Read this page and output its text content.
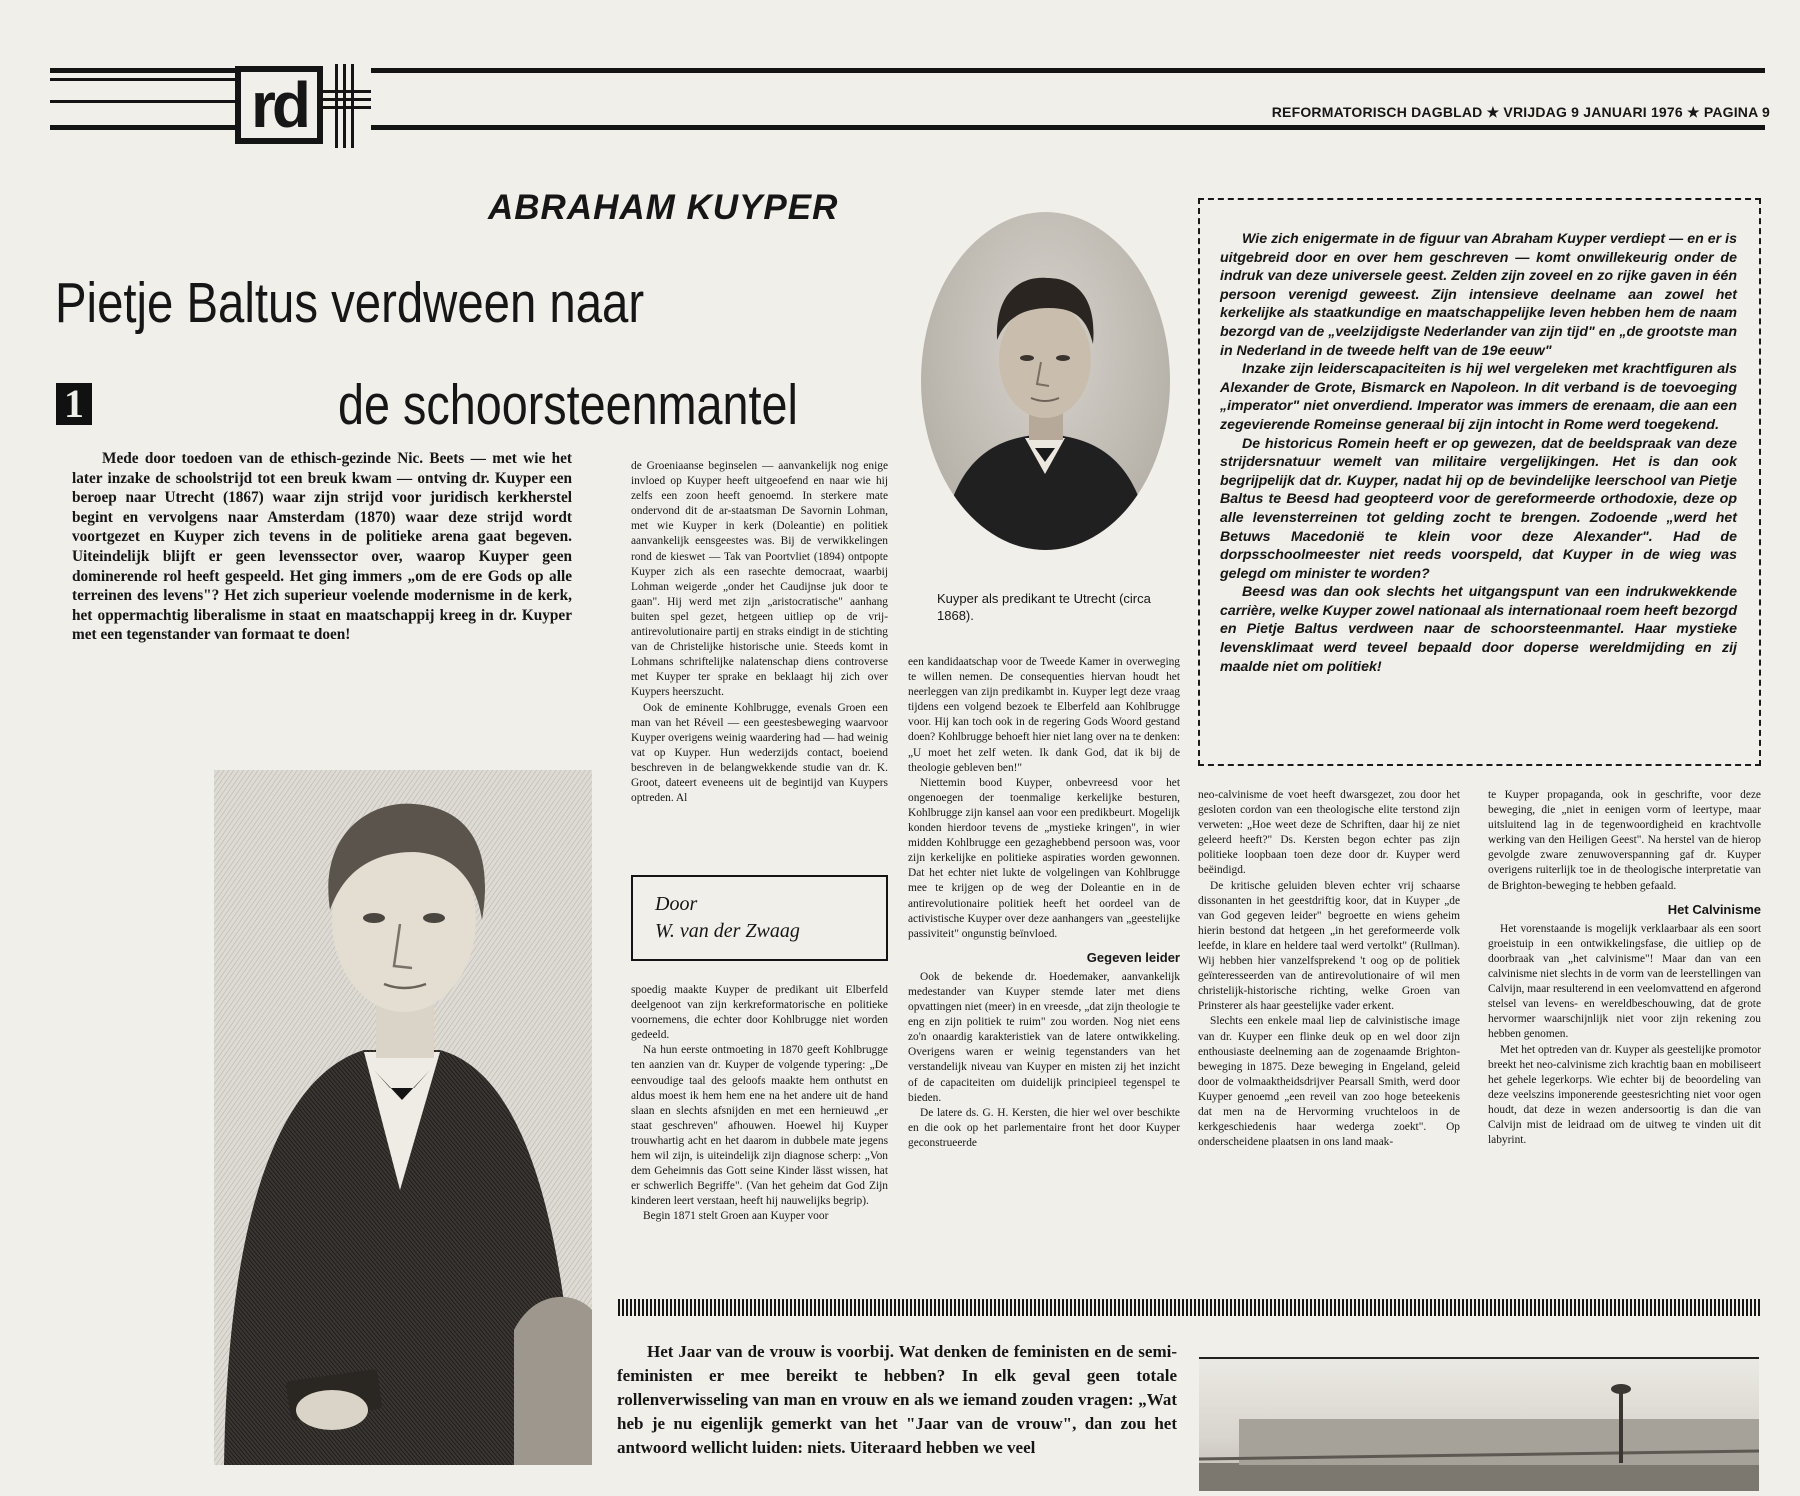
rd	REFORMATORISCH DAGBLAD ★ VRIJDAG 9 JANUARI 1976 ★ PAGINA 9
ABRAHAM KUYPER
Pietje Baltus verdween naar
1	de schoorsteenmantel
Mede door toedoen van de ethisch-gezinde Nic. Beets — met wie het later inzake de schoolstrijd tot een breuk kwam — ontving dr. Kuyper een beroep naar Utrecht (1867) waar zijn strijd voor juridisch kerkherstel begint en vervolgens naar Amsterdam (1870) waar deze strijd wordt voortgezet en Kuyper zich tevens in de politieke arena gaat begeven. Uiteindelijk blijft er geen levenssector over, waarop Kuyper geen dominerende rol heeft gespeeld. Het ging immers „om de ere Gods op alle terreinen des levens"? Het zich superieur voelende modernisme in de kerk, het oppermachtig liberalisme in staat en maatschappij kreeg in dr. Kuyper met een tegenstander van formaat te doen!

de Groeniaanse beginselen — aanvankelijk nog enige invloed op Kuyper heeft uitgeoefend en naar wie hij zelfs een zoon heeft genoemd. In sterkere mate ondervond dit de ar-staatsman De Savornin Lohman, met wie Kuyper in kerk (Doleantie) en politiek aanvankelijk eensgeestes was. Bij de verwikkelingen rond de kieswet — Tak van Poortvliet (1894) ontpopte Kuyper zich als een rasechte democraat, waarbij Lohman weigerde „onder het Caudijnse juk door te gaan". Hij werd met zijn „aristocratische" aanhang buiten spel gezet, hetgeen uitliep op de vrij-antirevolutionaire partij en straks eindigt in de stichting van de Christelijke historische unie. Steeds komt in Lohmans schriftelijke nalatenschap diens controverse met Kuyper ter sprake en beklaagt hij zich over Kuypers heerszucht.

Ook de eminente Kohlbrugge, evenals Groen een man van het Réveil — een geestesbeweging waarvoor Kuyper overigens weinig waardering had — had weinig vat op Kuyper. Hun wederzijds contact, boeiend beschreven in de belangwekkende studie van dr. K. Groot, dateert eveneens uit de begintijd van Kuypers optreden. Al

Door
W. van der Zwaag

spoedig maakte Kuyper de predikant uit Elberfeld deelgenoot van zijn kerkreformatorische en politieke voornemens, die echter door Kohlbrugge niet worden gedeeld.

Na hun eerste ontmoeting in 1870 geeft Kohlbrugge ten aanzien van dr. Kuyper de volgende typering: „De eenvoudige taal des geloofs maakte hem onthutst en aldus moest ik hem hem ene na het andere uit de hand slaan en slechts afsnijden en met een hernieuwd „er staat geschreven" afhouwen. Hoewel hij Kuyper trouwhartig acht en het daarom in dubbele mate jegens hem wil zijn, is uiteindelijk zijn diagnose scherp: „Von dem Geheimnis das Gott seine Kinder lässt wissen, hat er schwerlich Begriffe". (Van het geheim dat God Zijn kinderen leert verstaan, heeft hij nauwelijks begrip).

Begin 1871 stelt Groen aan Kuyper voor

Kuyper als predikant te Utrecht (circa 1868).

een kandidaatschap voor de Tweede Kamer in overweging te willen nemen. De consequenties hiervan houdt het neerleggen van zijn predikambt in. Kuyper legt deze vraag tijdens een volgend bezoek te Elberfeld aan Kohlbrugge voor. Hij kan toch ook in de regering Gods Woord gestand doen? Kohlbrugge behoeft hier niet lang over na te denken: „U moet het zelf weten. Ik dank God, dat ik bij de theologie gebleven ben!"

Niettemin bood Kuyper, onbevreesd voor het ongenoegen der toenmalige kerkelijke besturen, Kohlbrugge zijn kansel aan voor een predikbeurt. Mogelijk konden hierdoor tevens de „mystieke kringen", in wier midden Kohlbrugge een gezaghebbend persoon was, voor zijn kerkelijke en politieke aspiraties worden gewonnen. Dat het echter niet lukte de volgelingen van Kohlbrugge mee te krijgen op de weg der Doleantie en in de antirevolutionaire politiek heeft het oordeel van de activistische Kuyper over deze aanhangers van „geestelijke passiviteit" ongunstig beïnvloed.

Gegeven leider

Ook de bekende dr. Hoedemaker, aanvankelijk medestander van Kuyper stemde later met diens opvattingen niet (meer) in en vreesde, „dat zijn theologie te eng en zijn politiek te ruim" zou worden. Nog niet eens zo'n onaardig karakteristiek van de latere ontwikkeling. Overigens waren er weinig tegenstanders van het verstandelijk niveau van Kuyper en misten zij het inzicht of de capaciteiten om duidelijk principieel tegenspel te bieden.

De latere ds. G. H. Kersten, die hier wel over beschikte en die ook op het parlementaire front het door Kuyper geconstrueerde

neo-calvinisme de voet heeft dwarsgezet, zou door het gesloten cordon van een theologische elite terstond zijn verweten: „Hoe weet deze de Schriften, daar hij ze niet geleerd heeft?" Ds. Kersten begon echter pas zijn politieke loopbaan toen deze door dr. Kuyper werd beëindigd.

De kritische geluiden bleven echter vrij schaarse dissonanten in het geestdriftig koor, dat in Kuyper „de van God gegeven leider" begroette en wiens geheim hierin bestond dat hetgeen „in het gereformeerde volk leefde, in klare en heldere taal werd vertolkt" (Rullman). Wij hebben hier vanzelfsprekend 't oog op de politiek geïnteresseerden van de antirevolutionaire of wil men christelijk-historische richting, welke Groen van Prinsterer als haar geestelijke vader erkent.

Slechts een enkele maal liep de calvinistische image van dr. Kuyper een flinke deuk op en wel door zijn enthousiaste deelneming aan de zogenaamde Brighton-beweging in 1875. Deze beweging in Engeland, geleid door de volmaaktheidsdrijver Pearsall Smith, werd door Kuyper genoemd „een reveil van zoo hoge beteekenis dat men na de Hervorming vruchteloos in de kerkgeschiedenis haar wederga zoekt". Op onderscheidene plaatsen in ons land maak-

te Kuyper propaganda, ook in geschrifte, voor deze beweging, die „niet in eenigen vorm of leertype, maar uitsluitend lag in de tegenwoordigheid en krachtvolle werking van den Heiligen Geest". Na herstel van de hierop gevolgde zware zenuwoverspanning gaf dr. Kuyper overigens ruiterlijk toe in de theologische interpretatie van de Brighton-beweging te hebben gefaald.

Het Calvinisme

Het vorenstaande is mogelijk verklaarbaar als een soort groeistuip in een ontwikkelingsfase, die uitliep op de doorbraak van „het calvinisme"! Maar dan van een calvinisme niet slechts in de vorm van de leerstellingen van Calvijn, maar resulterend in een veelomvattend en afgerond stelsel van levens- en wereldbeschouwing, dat de grote hervormer waarschijnlijk niet voor zijn rekening zou hebben genomen.

Met het optreden van dr. Kuyper als geestelijke promotor breekt het neo-calvinisme zich krachtig baan en mobiliseert het gehele legerkorps. Wie echter bij de beoordeling van deze veelszins imponerende geestesrichting niet voor ogen houdt, dat deze in wezen andersoortig is dan die van Calvijn mist de leidraad om de uitweg te vinden uit dit labyrint.

Wie zich enigermate in de figuur van Abraham Kuyper verdiept — en er is uitgebreid door en over hem geschreven — komt onwillekeurig onder de indruk van deze universele geest. Zelden zijn zoveel en zo rijke gaven in één persoon verenigd geweest. Zijn intensieve deelname aan zowel het kerkelijke als staatkundige en maatschappelijke leven hebben hem de naam bezorgd van de „veelzijdigste Nederlander van zijn tijd" en „de grootste man in Nederland in de tweede helft van de 19e eeuw"

Inzake zijn leiderscapaciteiten is hij wel vergeleken met krachtfiguren als Alexander de Grote, Bismarck en Napoleon. In dit verband is de toevoeging „imperator" niet onverdiend. Imperator was immers de erenaam, die aan een zegevierende Romeinse generaal bij zijn intocht in Rome werd toegekend.

De historicus Romein heeft er op gewezen, dat de beeldspraak van deze strijdersnatuur wemelt van militaire vergelijkingen. Het is dan ook begrijpelijk dat dr. Kuyper, nadat hij op de bevindelijke leerschool van Pietje Baltus te Beesd had geopteerd voor de gereformeerde orthodoxie, deze op alle levensterreinen tot gelding zocht te brengen. Zodoende „werd het Betuws Macedonië te klein voor deze Alexander". Had de dorpsschoolmeester niet reeds voorspeld, dat Kuyper in de wieg was gelegd om minister te worden?

Beesd was dan ook slechts het uitgangspunt van een indrukwekkende carrière, welke Kuyper zowel nationaal als internationaal roem heeft bezorgd en Pietje Baltus verdween naar de schoorsteenmantel. Haar mystieke levensklimaat werd teveel bepaald door doperse wereldmijding en zij maalde niet om politiek!

Het Jaar van de vrouw is voorbij. Wat denken de feministen en de semi-feministen er mee bereikt te hebben? In elk geval geen totale rollenverwisseling van man en vrouw en als we iemand zouden vragen: „Wat heb je nu eigenlijk gemerkt van het "Jaar van de vrouw", dan zou het antwoord wellicht luiden: niets. Uiteraard hebben we veel
